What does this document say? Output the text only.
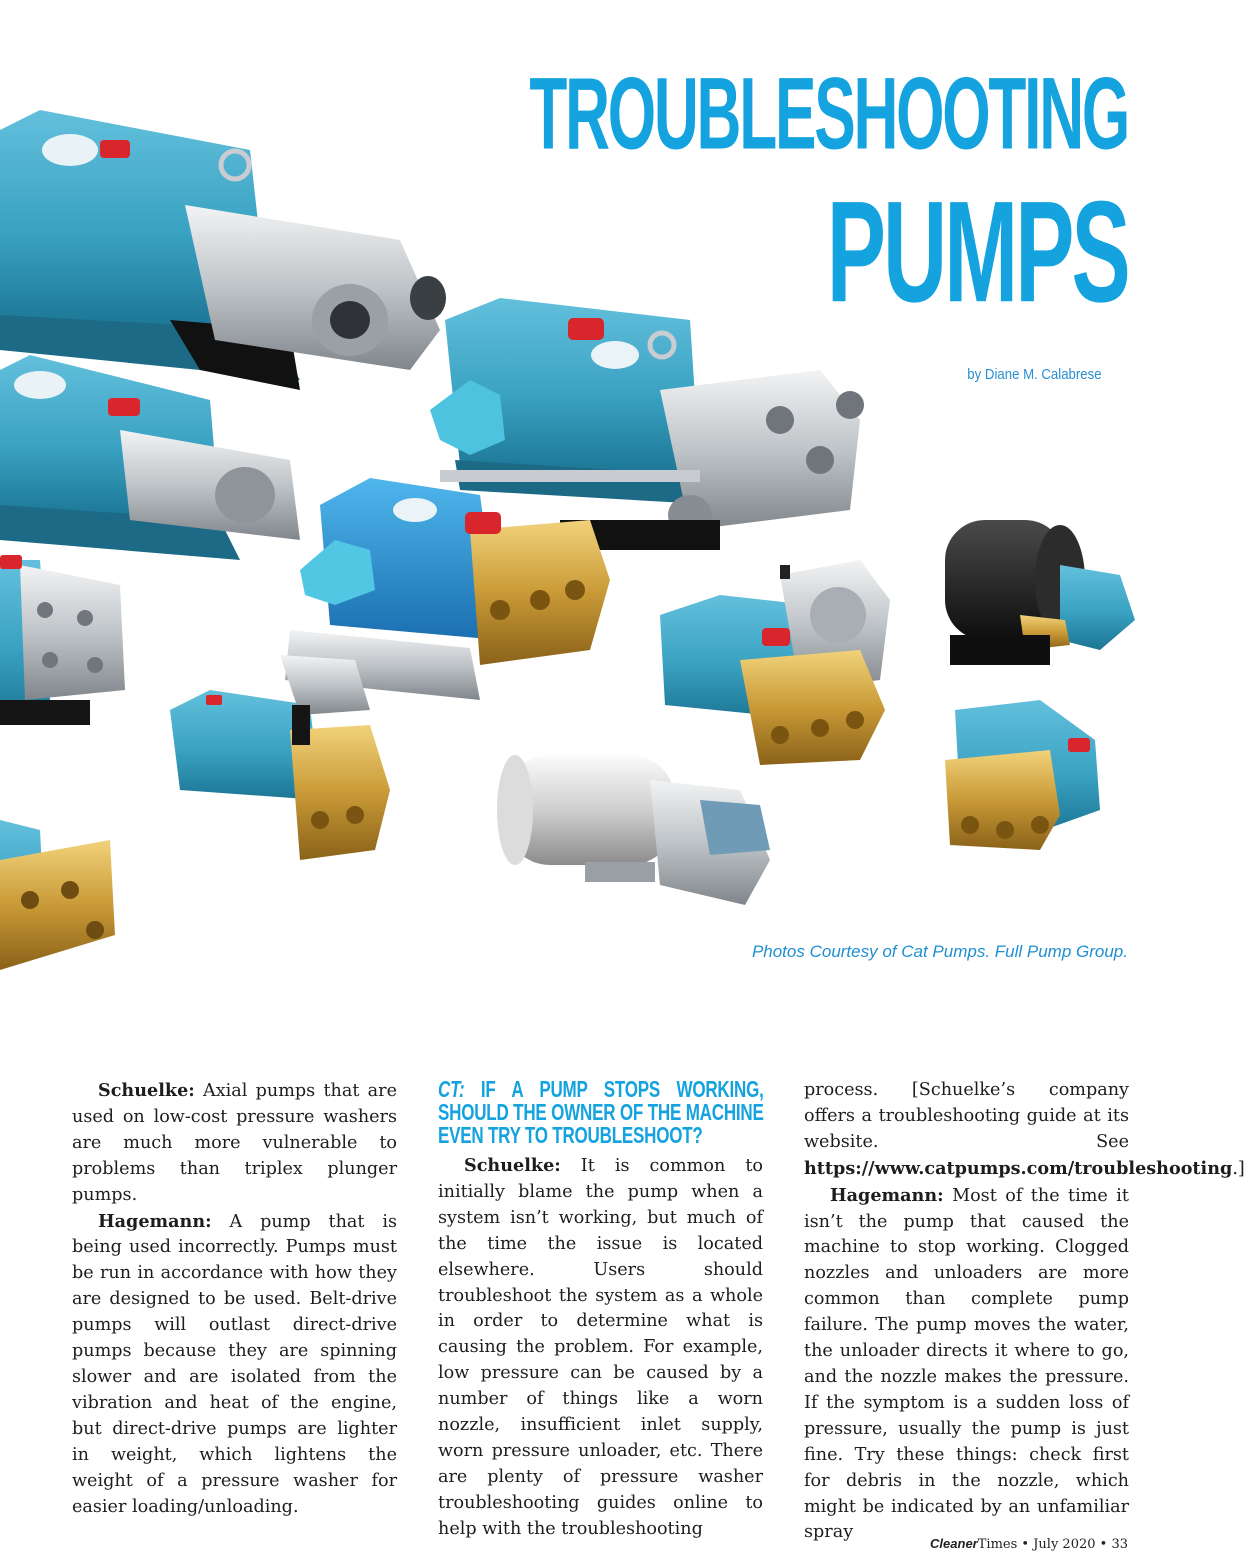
TROUBLESHOOTING
PUMPS
by Diane M. Calabrese
Photos Courtesy of Cat Pumps. Full Pump Group.

Schuelke: Axial pumps that are used on low-cost pressure washers are much more vulnerable to problems than triplex plunger pumps.

Hagemann: A pump that is being used incorrectly. Pumps must be run in accordance with how they are designed to be used. Belt-drive pumps will outlast direct-drive pumps because they are spinning slower and are isolated from the vibration and heat of the engine, but direct-drive pumps are lighter in weight, which lightens the weight of a pressure washer for easier loading/unloading.

CT: IF A PUMP STOPS WORKING, SHOULD THE OWNER OF THE MACHINE EVEN TRY TO TROUBLESHOOT?

Schuelke: It is common to initially blame the pump when a system isn’t working, but much of the time the issue is located elsewhere. Users should troubleshoot the system as a whole in order to determine what is causing the problem. For example, low pressure can be caused by a number of things like a worn nozzle, insufficient inlet supply, worn pressure unloader, etc. There are plenty of pressure washer troubleshooting guides online to help with the troubleshooting

process. [Schuelke’s company offers a troubleshooting guide at its website. See https://www.catpumps.com/troubleshooting.]

Hagemann: Most of the time it isn’t the pump that caused the machine to stop working. Clogged nozzles and unloaders are more common than complete pump failure. The pump moves the water, the unloader directs it where to go, and the nozzle makes the pressure. If the symptom is a sudden loss of pressure, usually the pump is just fine. Try these things: check first for debris in the nozzle, which might be indicated by an unfamiliar spray

CleanerTimes • July 2020 • 33
